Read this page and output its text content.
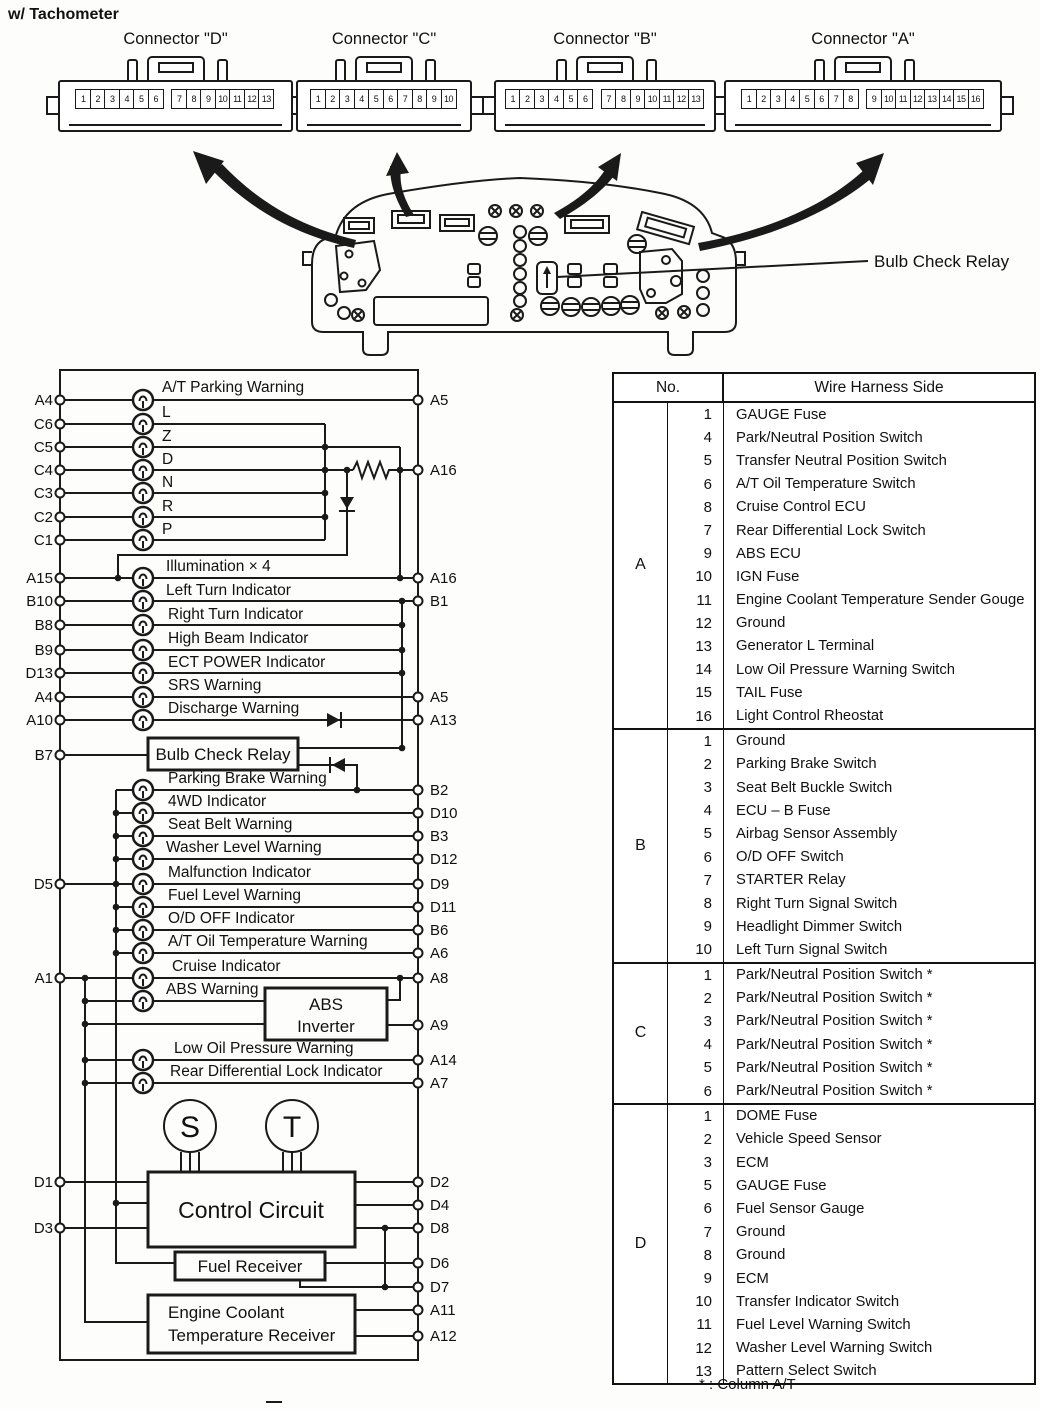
w/ Tachometer
Bulb Check Relay
A4
C6
C5
C4
C3
C2
C1
A15
B10
B8
B9
D13
A4
A10
B7
D5
A1
D1
D3
A5
A16
A16
B1
A5
A13
B2
D10
B3
D12
D9
D11
B6
A6
A8
A9
A14
A7
D2
D4
D8
D6
D7
A11
A12
A/T Parking Warning
L
Z
D
N
R
P
Illumination × 4
Left Turn Indicator
Right Turn Indicator
High Beam Indicator
ECT POWER Indicator
SRS Warning
Discharge Warning
Parking Brake Warning
4WD Indicator
Seat Belt Warning
Washer Level Warning
Malfunction Indicator
Fuel Level Warning
O/D OFF Indicator
A/T Oil Temperature Warning
Cruise Indicator
ABS Warning
Low Oil Pressure Warning
Rear Differential Lock Indicator
Bulb Check Relay
ABS
Inverter
Control Circuit
Fuel Receiver
Engine Coolant
Temperature Receiver
S	T
Connector "D"
1	2	3	4	5	6	7	8	9 10 11 12 13
Connector "C"
1	2	3	4	5	6	7	8	9 10
Connector "B"
1	2	3	4	5	6	7	8	9 10 11 12 13
Connector "A"
1	2	3	4	5	6	7	8	9 10 11 12 13 14 15 16
No.	Wire Harness Side
A
1	GAUGE Fuse
4	Park/Neutral Position Switch
5	Transfer Neutral Position Switch
6	A/T Oil Temperature Switch
8	Cruise Control ECU
7	Rear Differential Lock Switch
9	ABS ECU
10	IGN Fuse
11	Engine Coolant Temperature Sender Gouge
12	Ground
13	Generator L Terminal
14	Low Oil Pressure Warning Switch
15	TAIL Fuse
16	Light Control Rheostat
B
1	Ground
2	Parking Brake Switch
3	Seat Belt Buckle Switch
4	ECU – B Fuse
5	Airbag Sensor Assembly
6	O/D OFF Switch
7	STARTER Relay
8	Right Turn Signal Switch
9	Headlight Dimmer Switch
10	Left Turn Signal Switch
C
1	Park/Neutral Position Switch *
2	Park/Neutral Position Switch *
3	Park/Neutral Position Switch *
4	Park/Neutral Position Switch *
5	Park/Neutral Position Switch *
6	Park/Neutral Position Switch *
D
1	DOME Fuse
2	Vehicle Speed Sensor
3	ECM
5	GAUGE Fuse
6	Fuel Sensor Gauge
7	Ground
8	Ground
9	ECM
10	Transfer Indicator Switch
11	Fuel Level Warning Switch
12	Washer Level Warning Switch
13	Pattern Select Switch
* : Column A/T
